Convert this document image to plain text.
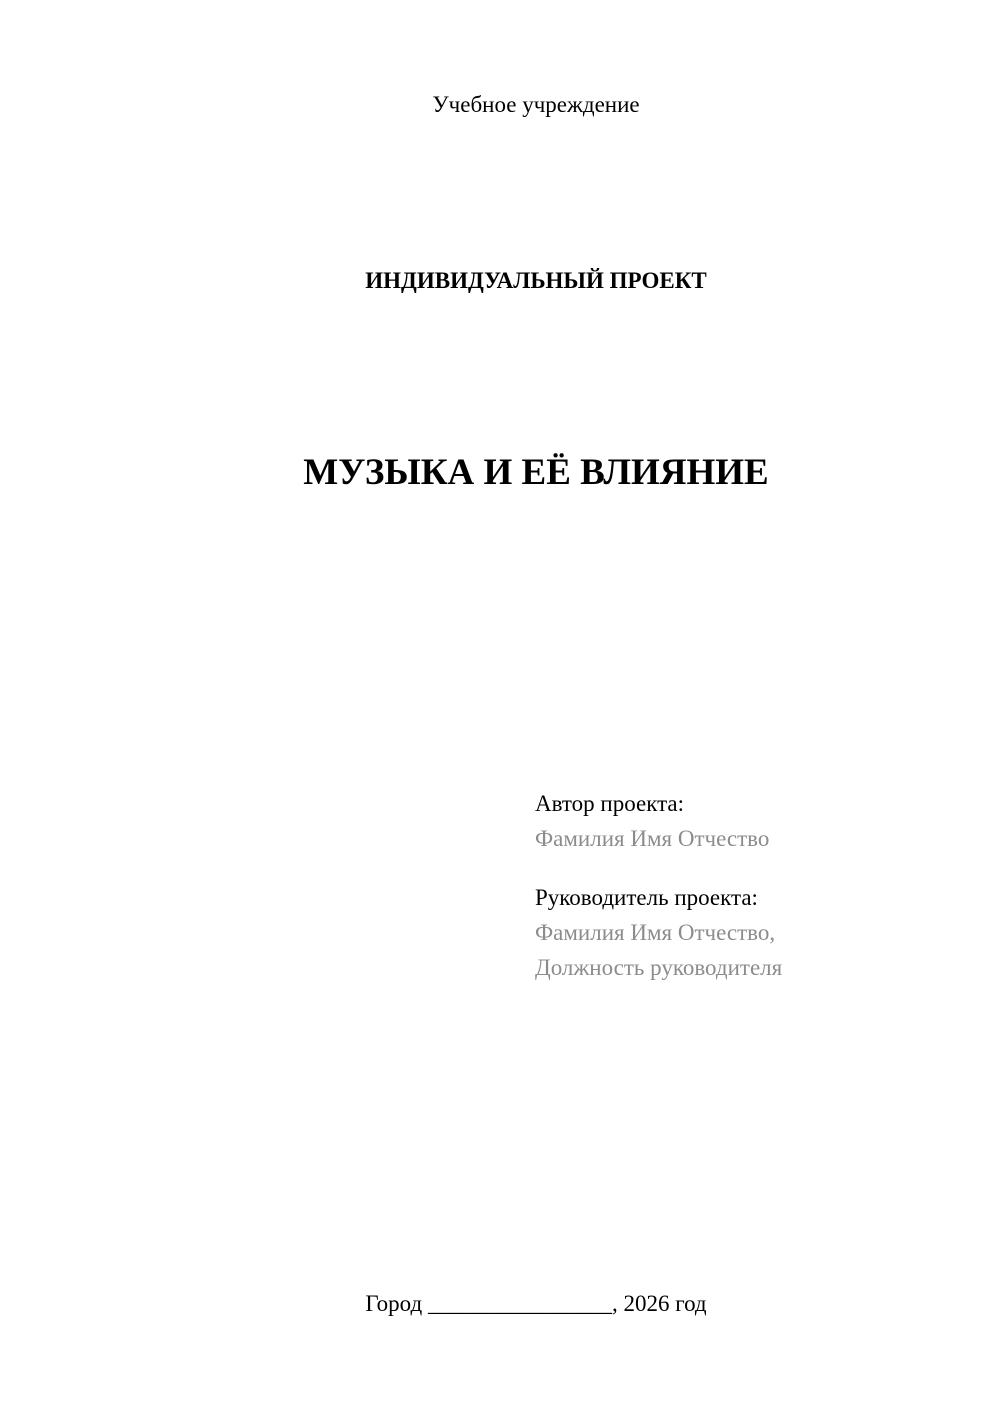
Учебное учреждение
ИНДИВИДУАЛЬНЫЙ ПРОЕКТ
МУЗЫКА И ЕЁ ВЛИЯНИЕ
Автор проекта:
Фамилия Имя Отчество
Руководитель проекта:
Фамилия Имя Отчество,
Должность руководителя
Город ________________, 2026 год
